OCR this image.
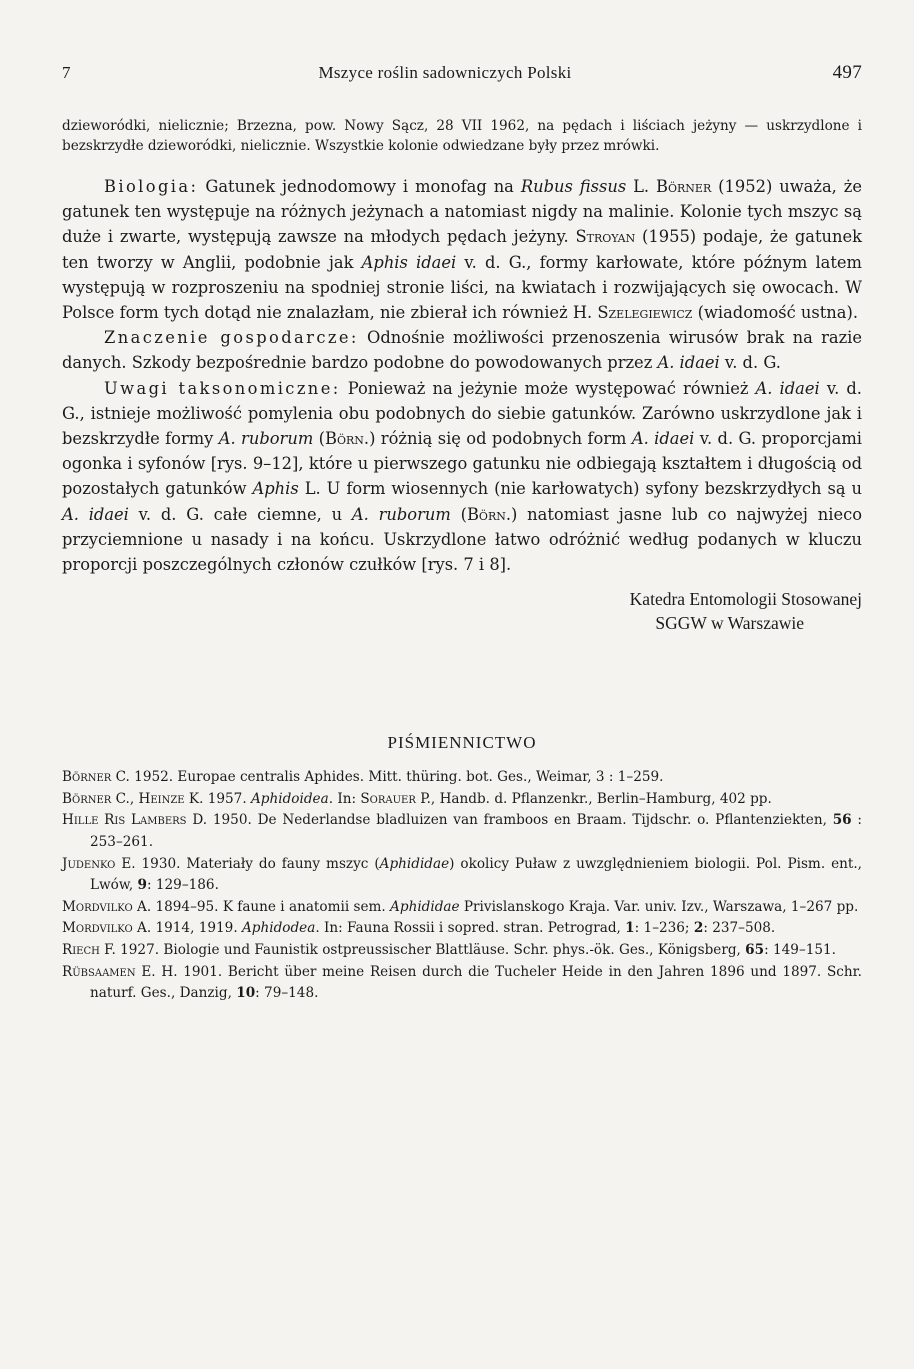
7	Mszyce roślin sadowniczych Polski	497

dzieworódki, nielicznie; Brzezna, pow. Nowy Sącz, 28 VII 1962, na pędach i liściach jeżyny — uskrzydlone i bezskrzydłe dzieworódki, nielicznie. Wszystkie kolonie odwiedzane były przez mrówki.

Biologia: Gatunek jednodomowy i monofag na Rubus fissus L. Börner (1952) uważa, że gatunek ten występuje na różnych jeżynach a natomiast nigdy na malinie. Kolonie tych mszyc są duże i zwarte, występują zawsze na młodych pędach jeżyny. Stroyan (1955) podaje, że gatunek ten tworzy w Anglii, podobnie jak Aphis idaei v. d. G., formy karłowate, które późnym latem występują w rozproszeniu na spodniej stronie liści, na kwiatach i rozwijających się owocach. W Polsce form tych dotąd nie znalazłam, nie zbierał ich również H. Szelegiewicz (wiadomość ustna).

Znaczenie gospodarcze: Odnośnie możliwości przenoszenia wirusów brak na razie danych. Szkody bezpośrednie bardzo podobne do powodowanych przez A. idaei v. d. G.

Uwagi taksonomiczne: Ponieważ na jeżynie może występować również A. idaei v. d. G., istnieje możliwość pomylenia obu podobnych do siebie gatunków. Zarówno uskrzydlone jak i bezskrzydłe formy A. ruborum (Börn.) różnią się od podobnych form A. idaei v. d. G. proporcjami ogonka i syfonów [rys. 9–12], które u pierwszego gatunku nie odbiegają kształtem i długością od pozostałych gatunków Aphis L. U form wiosennych (nie karłowatych) syfony bezskrzydłych są u A. idaei v. d. G. całe ciemne, u A. ruborum (Börn.) natomiast jasne lub co najwyżej nieco przyciemnione u nasady i na końcu. Uskrzydlone łatwo odróżnić według podanych w kluczu proporcji poszczególnych członów czułków [rys. 7 i 8].

Katedra Entomologii Stosowanej
SGGW w Warszawie
PIŚMIENNICTWO

Börner C. 1952. Europae centralis Aphides. Mitt. thüring. bot. Ges., Weimar, 3 : 1–259.

Börner C., Heinze K. 1957. Aphidoidea. In: Sorauer P., Handb. d. Pflanzenkr., Berlin–Hamburg, 402 pp.

Hille Ris Lambers D. 1950. De Nederlandse bladluizen van framboos en Braam. Tijdschr. o. Pflantenziekten, 56 : 253–261.

Judenko E. 1930. Materiały do fauny mszyc (Aphididae) okolicy Puław z uwzględnieniem biologii. Pol. Pism. ent., Lwów, 9: 129–186.

Mordvilko A. 1894–95. K faune i anatomii sem. Aphididae Privislanskogo Kraja. Var. univ. Izv., Warszawa, 1–267 pp.

Mordvilko A. 1914, 1919. Aphidodea. In: Fauna Rossii i sopred. stran. Petrograd, 1: 1–236; 2: 237–508.

Riech F. 1927. Biologie und Faunistik ostpreussischer Blattläuse. Schr. phys.-ök. Ges., Königsberg, 65: 149–151.

Rübsaamen E. H. 1901. Bericht über meine Reisen durch die Tucheler Heide in den Jahren 1896 und 1897. Schr. naturf. Ges., Danzig, 10: 79–148.
